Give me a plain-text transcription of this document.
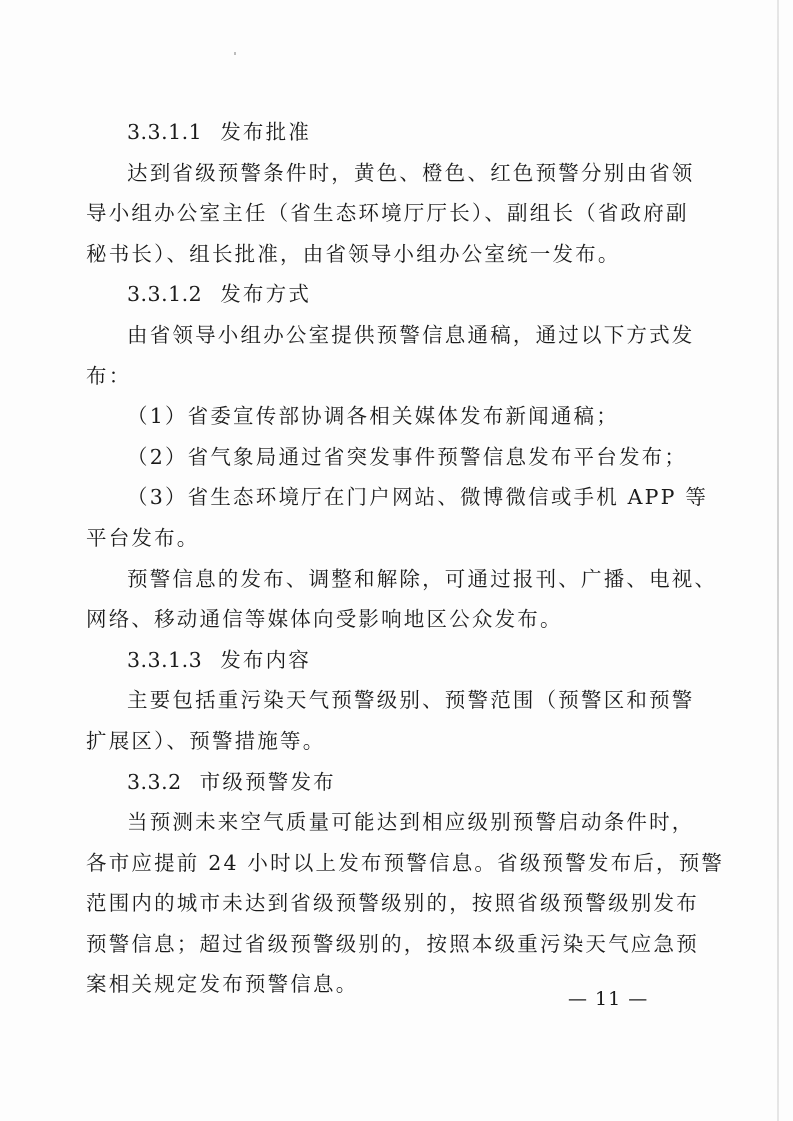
3.3.1.1 发布批准
达到省级预警条件时，黄色、橙色、红色预警分别由省领
导小组办公室主任（省生态环境厅厅长）、副组长（省政府副
秘书长）、组长批准，由省领导小组办公室统一发布。
3.3.1.2 发布方式
由省领导小组办公室提供预警信息通稿，通过以下方式发
布：
（1）省委宣传部协调各相关媒体发布新闻通稿；
（2）省气象局通过省突发事件预警信息发布平台发布；
（3）省生态环境厅在门户网站、微博微信或手机 APP 等
平台发布。
预警信息的发布、调整和解除，可通过报刊、广播、电视、
网络、移动通信等媒体向受影响地区公众发布。
3.3.1.3 发布内容
主要包括重污染天气预警级别、预警范围（预警区和预警
扩展区）、预警措施等。
3.3.2 市级预警发布
当预测未来空气质量可能达到相应级别预警启动条件时，
各市应提前 24 小时以上发布预警信息。省级预警发布后，预警
范围内的城市未达到省级预警级别的，按照省级预警级别发布
预警信息；超过省级预警级别的，按照本级重污染天气应急预
案相关规定发布预警信息。
— 11 —
